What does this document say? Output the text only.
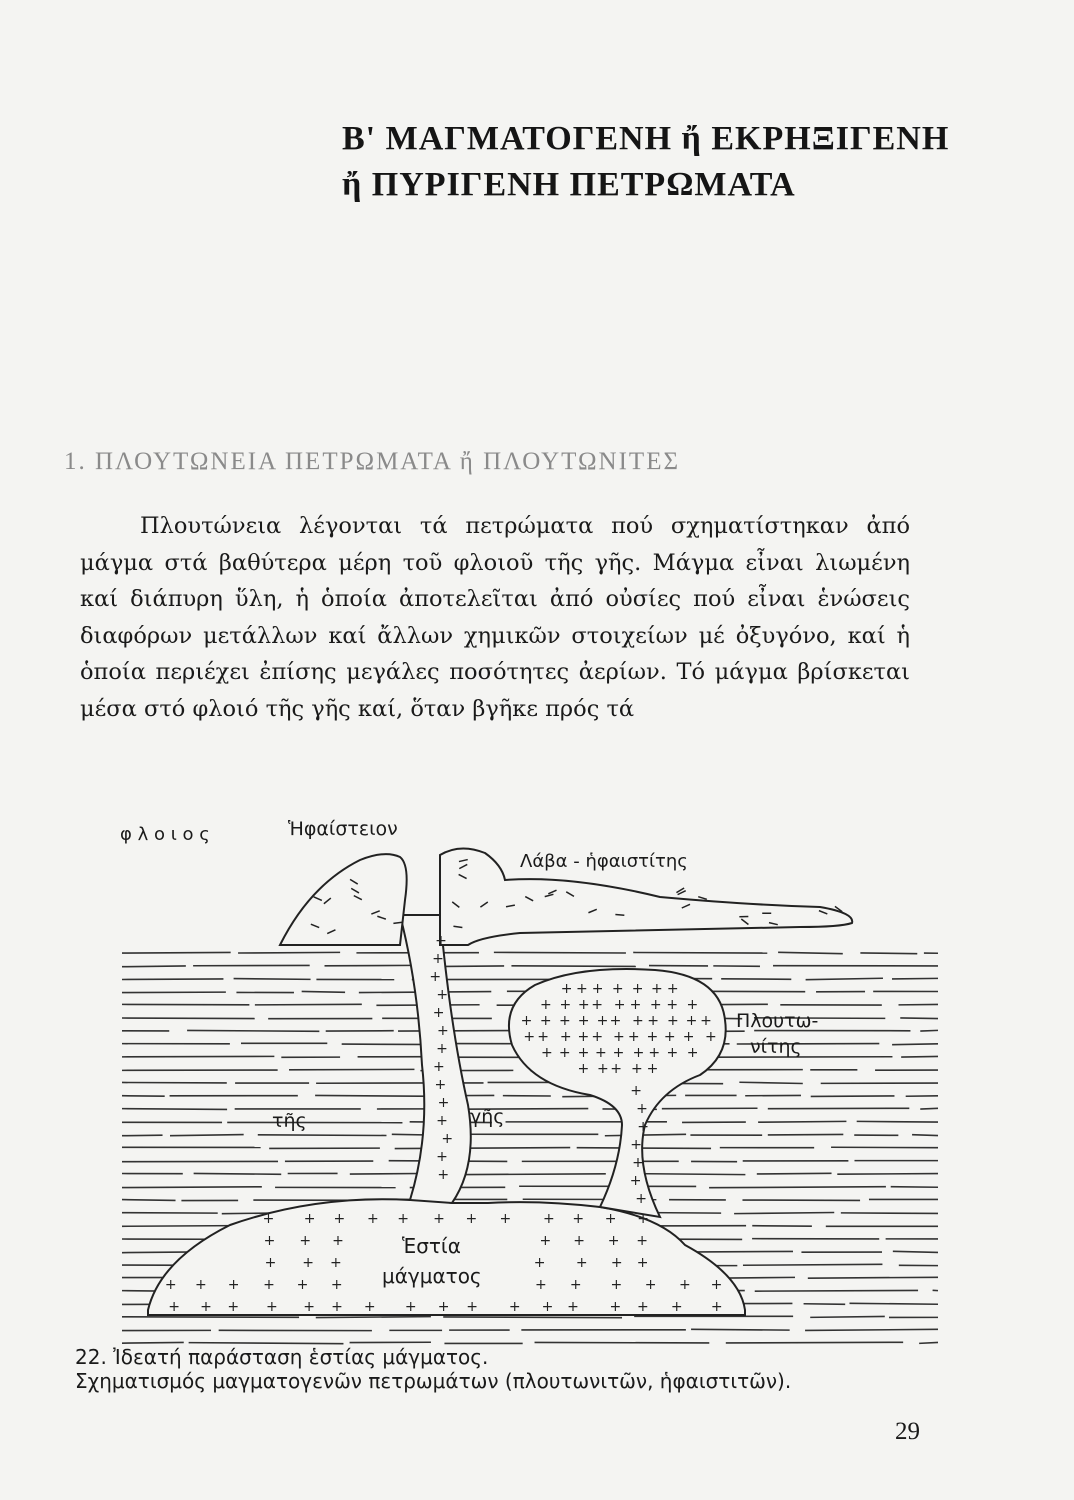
Β' ΜΑΓΜΑΤΟΓΕΝΗ ἤ ΕΚΡΗΞΙΓΕΝΗ
ἤ ΠΥΡΙΓΕΝΗ ΠΕΤΡΩΜΑΤΑ
1. ΠΛΟΥΤΩΝΕΙΑ ΠΕΤΡΩΜΑΤΑ ἤ ΠΛΟΥΤΩΝΙΤΕΣ

Πλουτώνεια λέγονται τά πετρώματα πού σχηματίστηκαν ἀπό μάγμα στά βαθύτερα μέρη τοῦ φλοιοῦ τῆς γῆς. Μάγμα εἶναι λιωμένη καί διάπυρη ὕλη, ἡ ὁποία ἀποτελεῖται ἀπό οὐσίες πού εἶναι ἑνώσεις διαφόρων μετάλλων καί ἄλλων χημικῶν στοιχείων μέ ὀξυγόνο, καί ἡ ὁποία περιέχει ἐπίσης μεγάλες ποσότητες ἀερίων. Τό μάγμα βρίσκεται μέσα στό φλοιό τῆς γῆς καί, ὅταν βγῆκε πρός τά

+ + + + + + +
+ + + + + + + + +
+ + + + + + + + + + +
+ + + + + + + + + + +
+ + + + + + + + +
+ + + + +
+
+
+
+
+
+
+
+
+
+
+
+
+
+
+
+
+
+
+
+
+
+ + + + + + + + + + + +
+ + +	+ + + +
+ + +	+ + + +
+ + + + + +	+ + + + + +
+ + + + + + + + + + + + + + + + +
φ λ ο ι ο ς	Ἡφαίστειον
Λάβα - ἡφαιστίτης
Πλουτω-
νίτης
τῆς	γῆς
Ἑστία
μάγματος
22. Ἰδεατή παράσταση ἑστίας μάγματος.
Σχηματισμός μαγματογενῶν πετρωμάτων (πλουτωνιτῶν, ἡφαιστιτῶν).
29
